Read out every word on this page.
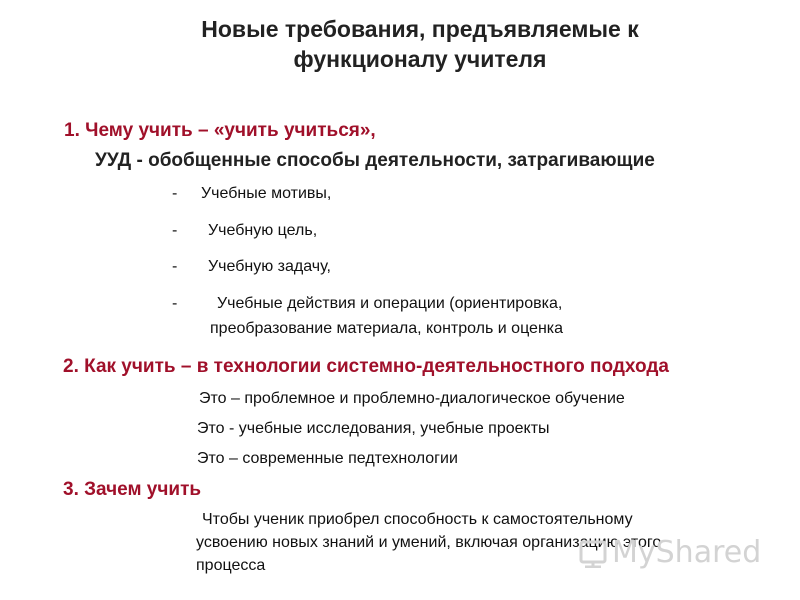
Новые требования, предъявляемые к
функционалу учителя
1. Чему учить – «учить учиться»,
УУД - обобщенные способы деятельности, затрагивающие
- Учебные мотивы,
- Учебную цель,
- Учебную задачу,
- Учебные действия и операции (ориентировка,
преобразование материала, контроль и оценка
2. Как учить – в технологии системно-деятельностного подхода
Это – проблемное и проблемно-диалогическое обучение
Это - учебные исследования, учебные проекты
Это – современные педтехнологии
3. Зачем учить
Чтобы ученик приобрел способность к самостоятельному
усвоению новых знаний и умений, включая организацию этого
процесса	MyShared
